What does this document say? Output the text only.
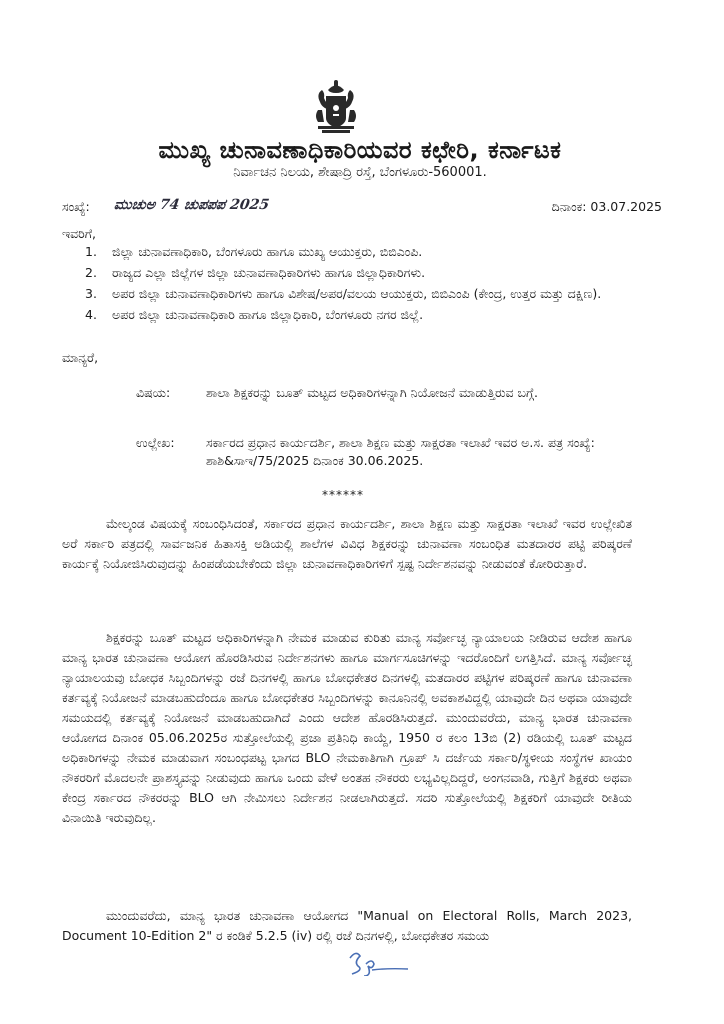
ಮುಖ್ಯ ಚುನಾವಣಾಧಿಕಾರಿಯವರ ಕಛೇರಿ, ಕರ್ನಾಟಕ
ನಿರ್ವಾಚನ ನಿಲಯ, ಶೇಷಾದ್ರಿ ರಸ್ತೆ, ಬೆಂಗಳೂರು-560001.
ಸಂಖ್ಯೆ: ಮುಚುಅ 74 ಚುಪಪಪ 2025	ದಿನಾಂಕ: 03.07.2025
ಇವರಿಗೆ,
1. ಜಿಲ್ಲಾ ಚುನಾವಣಾಧಿಕಾರಿ, ಬೆಂಗಳೂರು ಹಾಗೂ ಮುಖ್ಯ ಆಯುಕ್ತರು, ಬಿಬಿಎಂಪಿ.
2. ರಾಜ್ಯದ ಎಲ್ಲಾ ಜಿಲ್ಲೆಗಳ ಜಿಲ್ಲಾ ಚುನಾವಣಾಧಿಕಾರಿಗಳು ಹಾಗೂ ಜಿಲ್ಲಾಧಿಕಾರಿಗಳು.
3. ಅಪರ ಜಿಲ್ಲಾ ಚುನಾವಣಾಧಿಕಾರಿಗಳು ಹಾಗೂ ವಿಶೇಷ/ಅಪರ/ವಲಯ ಆಯುಕ್ತರು, ಬಿಬಿಎಂಪಿ (ಕೇಂದ್ರ, ಉತ್ತರ ಮತ್ತು ದಕ್ಷಿಣ).
4. ಅಪರ ಜಿಲ್ಲಾ ಚುನಾವಣಾಧಿಕಾರಿ ಹಾಗೂ ಜಿಲ್ಲಾಧಿಕಾರಿ, ಬೆಂಗಳೂರು ನಗರ ಜಿಲ್ಲೆ.
ಮಾನ್ಯರೆ,
ವಿಷಯ:	ಶಾಲಾ ಶಿಕ್ಷಕರನ್ನು ಬೂತ್ ಮಟ್ಟದ ಅಧಿಕಾರಿಗಳನ್ನಾಗಿ ನಿಯೋಜನೆ ಮಾಡುತ್ತಿರುವ ಬಗ್ಗೆ.
ಉಲ್ಲೇಖ:	ಸರ್ಕಾರದ ಪ್ರಧಾನ ಕಾರ್ಯದರ್ಶಿ, ಶಾಲಾ ಶಿಕ್ಷಣ ಮತ್ತು ಸಾಕ್ಷರತಾ ಇಲಾಖೆ ಇವರ ಅ.ಸ. ಪತ್ರ ಸಂಖ್ಯೆ: ಶಾಶಿ&ಸಾಇ/75/2025 ದಿನಾಂಕ 30.06.2025.
******

ಮೇಲ್ಕಂಡ ವಿಷಯಕ್ಕೆ ಸಂಬಂಧಿಸಿದಂತೆ, ಸರ್ಕಾರದ ಪ್ರಧಾನ ಕಾರ್ಯದರ್ಶಿ, ಶಾಲಾ ಶಿಕ್ಷಣ ಮತ್ತು ಸಾಕ್ಷರತಾ ಇಲಾಖೆ ಇವರ ಉಲ್ಲೇಖಿತ ಅರೆ ಸರ್ಕಾರಿ ಪತ್ರದಲ್ಲಿ ಸಾರ್ವಜನಿಕ ಹಿತಾಸಕ್ತಿ ಅಡಿಯಲ್ಲಿ ಶಾಲೆಗಳ ವಿವಿಧ ಶಿಕ್ಷಕರನ್ನು ಚುನಾವಣಾ ಸಂಬಂಧಿತ ಮತದಾರರ ಪಟ್ಟಿ ಪರಿಷ್ಕರಣೆ ಕಾರ್ಯಕ್ಕೆ ನಿಯೋಜಿಸಿರುವುದನ್ನು ಹಿಂಪಡೆಯಬೇಕೆಂದು ಜಿಲ್ಲಾ ಚುನಾವಣಾಧಿಕಾರಿಗಳಿಗೆ ಸ್ಪಷ್ಟ ನಿರ್ದೇಶನವನ್ನು ನೀಡುವಂತೆ ಕೋರಿರುತ್ತಾರೆ.

ಶಿಕ್ಷಕರನ್ನು ಬೂತ್ ಮಟ್ಟದ ಅಧಿಕಾರಿಗಳನ್ನಾಗಿ ನೇಮಕ ಮಾಡುವ ಕುರಿತು ಮಾನ್ಯ ಸರ್ವೋಚ್ಛ ನ್ಯಾಯಾಲಯ ನೀಡಿರುವ ಆದೇಶ ಹಾಗೂ ಮಾನ್ಯ ಭಾರತ ಚುನಾವಣಾ ಆಯೋಗ ಹೊರಡಿಸಿರುವ ನಿರ್ದೇಶನಗಳು ಹಾಗೂ ಮಾರ್ಗಸೂಚಿಗಳನ್ನು ಇದರೊಂದಿಗೆ ಲಗತ್ತಿಸಿದೆ. ಮಾನ್ಯ ಸರ್ವೋಚ್ಛ ನ್ಯಾಯಾಲಯವು ಬೋಧಕ ಸಿಬ್ಬಂದಿಗಳನ್ನು ರಜೆ ದಿನಗಳಲ್ಲಿ ಹಾಗೂ ಬೋಧಕೇತರ ದಿನಗಳಲ್ಲಿ ಮತದಾರರ ಪಟ್ಟಿಗಳ ಪರಿಷ್ಕರಣೆ ಹಾಗೂ ಚುನಾವಣಾ ಕರ್ತವ್ಯಕ್ಕೆ ನಿಯೋಜನೆ ಮಾಡಬಹುದೆಂದೂ ಹಾಗೂ ಬೋಧಕೇತರ ಸಿಬ್ಬಂದಿಗಳನ್ನು ಕಾನೂನಿನಲ್ಲಿ ಅವಕಾಶವಿದ್ದಲ್ಲಿ ಯಾವುದೇ ದಿನ ಅಥವಾ ಯಾವುದೇ ಸಮಯದಲ್ಲಿ ಕರ್ತವ್ಯಕ್ಕೆ ನಿಯೋಜನೆ ಮಾಡಬಹುದಾಗಿದೆ ಎಂದು ಆದೇಶ ಹೊರಡಿಸಿರುತ್ತದೆ. ಮುಂದುವರೆದು, ಮಾನ್ಯ ಭಾರತ ಚುನಾವಣಾ ಆಯೋಗದ ದಿನಾಂಕ 05.06.2025ರ ಸುತ್ತೋಲೆಯಲ್ಲಿ ಪ್ರಜಾ ಪ್ರತಿನಿಧಿ ಕಾಯ್ದೆ, 1950 ರ ಕಲಂ 13ಬಿ (2) ರಡಿಯಲ್ಲಿ ಬೂತ್ ಮಟ್ಟದ ಅಧಿಕಾರಿಗಳನ್ನು ನೇಮಕ ಮಾಡುವಾಗ ಸಂಬಂಧಪಟ್ಟ ಭಾಗದ BLO ನೇಮಕಾತಿಗಾಗಿ ಗ್ರೂಪ್ ಸಿ ದರ್ಜೆಯ ಸರ್ಕಾರಿ/ಸ್ಥಳೀಯ ಸಂಸ್ಥೆಗಳ ಖಾಯಂ ನೌಕರರಿಗೆ ಮೊದಲನೇ ಪ್ರಾಶಸ್ತ್ಯವನ್ನು ನೀಡುವುದು ಹಾಗೂ ಒಂದು ವೇಳೆ ಅಂತಹ ನೌಕರರು ಲಭ್ಯವಿಲ್ಲದಿದ್ದರೆ, ಅಂಗನವಾಡಿ, ಗುತ್ತಿಗೆ ಶಿಕ್ಷಕರು ಅಥವಾ ಕೇಂದ್ರ ಸರ್ಕಾರದ ನೌಕರರನ್ನು BLO ಆಗಿ ನೇಮಿಸಲು ನಿರ್ದೇಶನ ನೀಡಲಾಗಿರುತ್ತದೆ. ಸದರಿ ಸುತ್ತೋಲೆಯಲ್ಲಿ ಶಿಕ್ಷಕರಿಗೆ ಯಾವುದೇ ರೀತಿಯ ವಿನಾಯಿತಿ ಇರುವುದಿಲ್ಲ.

ಮುಂದುವರೆದು, ಮಾನ್ಯ ಭಾರತ ಚುನಾವಣಾ ಆಯೋಗದ "Manual on Electoral Rolls, March 2023, Document 10-Edition 2" ರ ಕಂಡಿಕೆ 5.2.5 (iv) ರಲ್ಲಿ ರಜೆ ದಿನಗಳಲ್ಲಿ, ಬೋಧಕೇತರ ಸಮಯ
